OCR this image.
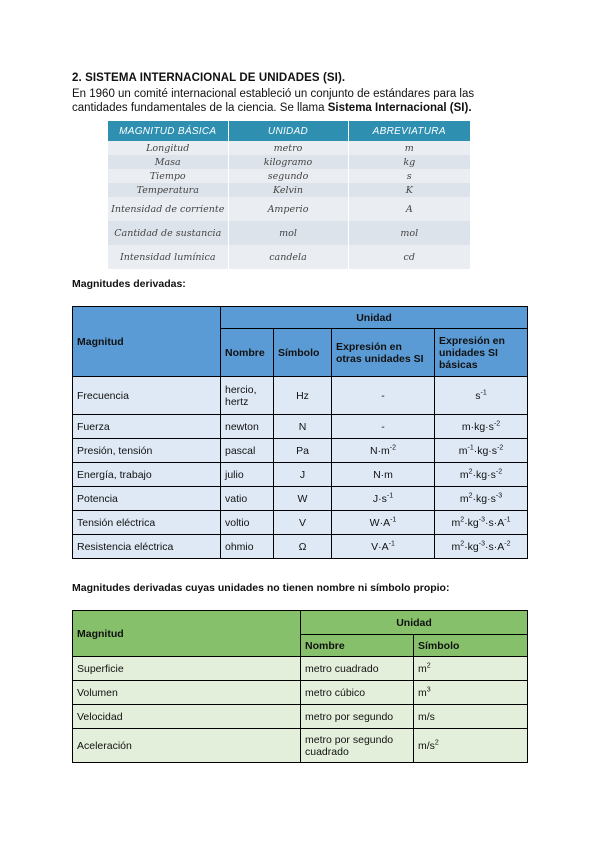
2. SISTEMA INTERNACIONAL DE UNIDADES (SI).
En 1960 un comité internacional estableció un conjunto de estándares para las cantidades fundamentales de la ciencia. Se llama Sistema Internacional (SI).
MAGNITUD BÁSICA	UNIDAD	ABREVIATURA
Longitud	metro	m
Masa	kilogramo	kg
Tiempo	segundo	s
Temperatura	Kelvin	K
Intensidad de corriente	Amperio	A
Cantidad de sustancia	mol	mol
Intensidad lumínica	candela	cd
Magnitudes derivadas:
Magnitud	Unidad			
	Nombre	Símbolo	Expresión en otras unidades SI	Expresión en unidades SI básicas
Frecuencia	hercio, hertz	Hz	-	$s^{-1}$
Fuerza	newton	N	-	$m\cdot kg\cdot s^{-2}$
Presión, tensión	pascal	Pa	$N\cdot m^{-2}$	$m^{-1}\cdot kg\cdot s^{-2}$
Energía, trabajo	julio	J	N·m	$m^2\cdot kg\cdot s^{-2}$
Potencia	vatio	W	$J\cdot s^{-1}$	$m^2\cdot kg\cdot s^{-3}$
Tensión eléctrica	voltio	V	$W\cdot A^{-1}$	$m^2\cdot kg^{-3}\cdot s\cdot A^{-1}$
Resistencia eléctrica	ohmio	Ω	$V\cdot A^{-1}$	$m^2\cdot kg^{-3}\cdot s\cdot A^{-2}$
Magnitudes derivadas cuyas unidades no tienen nombre ni símbolo propio:
Magnitud	Unidad	
	Nombre	Símbolo
Superficie	metro cuadrado	$m^2$
Volumen	metro cúbico	$m^3$
Velocidad	metro por segundo	m/s
Aceleración	metro por segundo cuadrado	$m/s^2$
